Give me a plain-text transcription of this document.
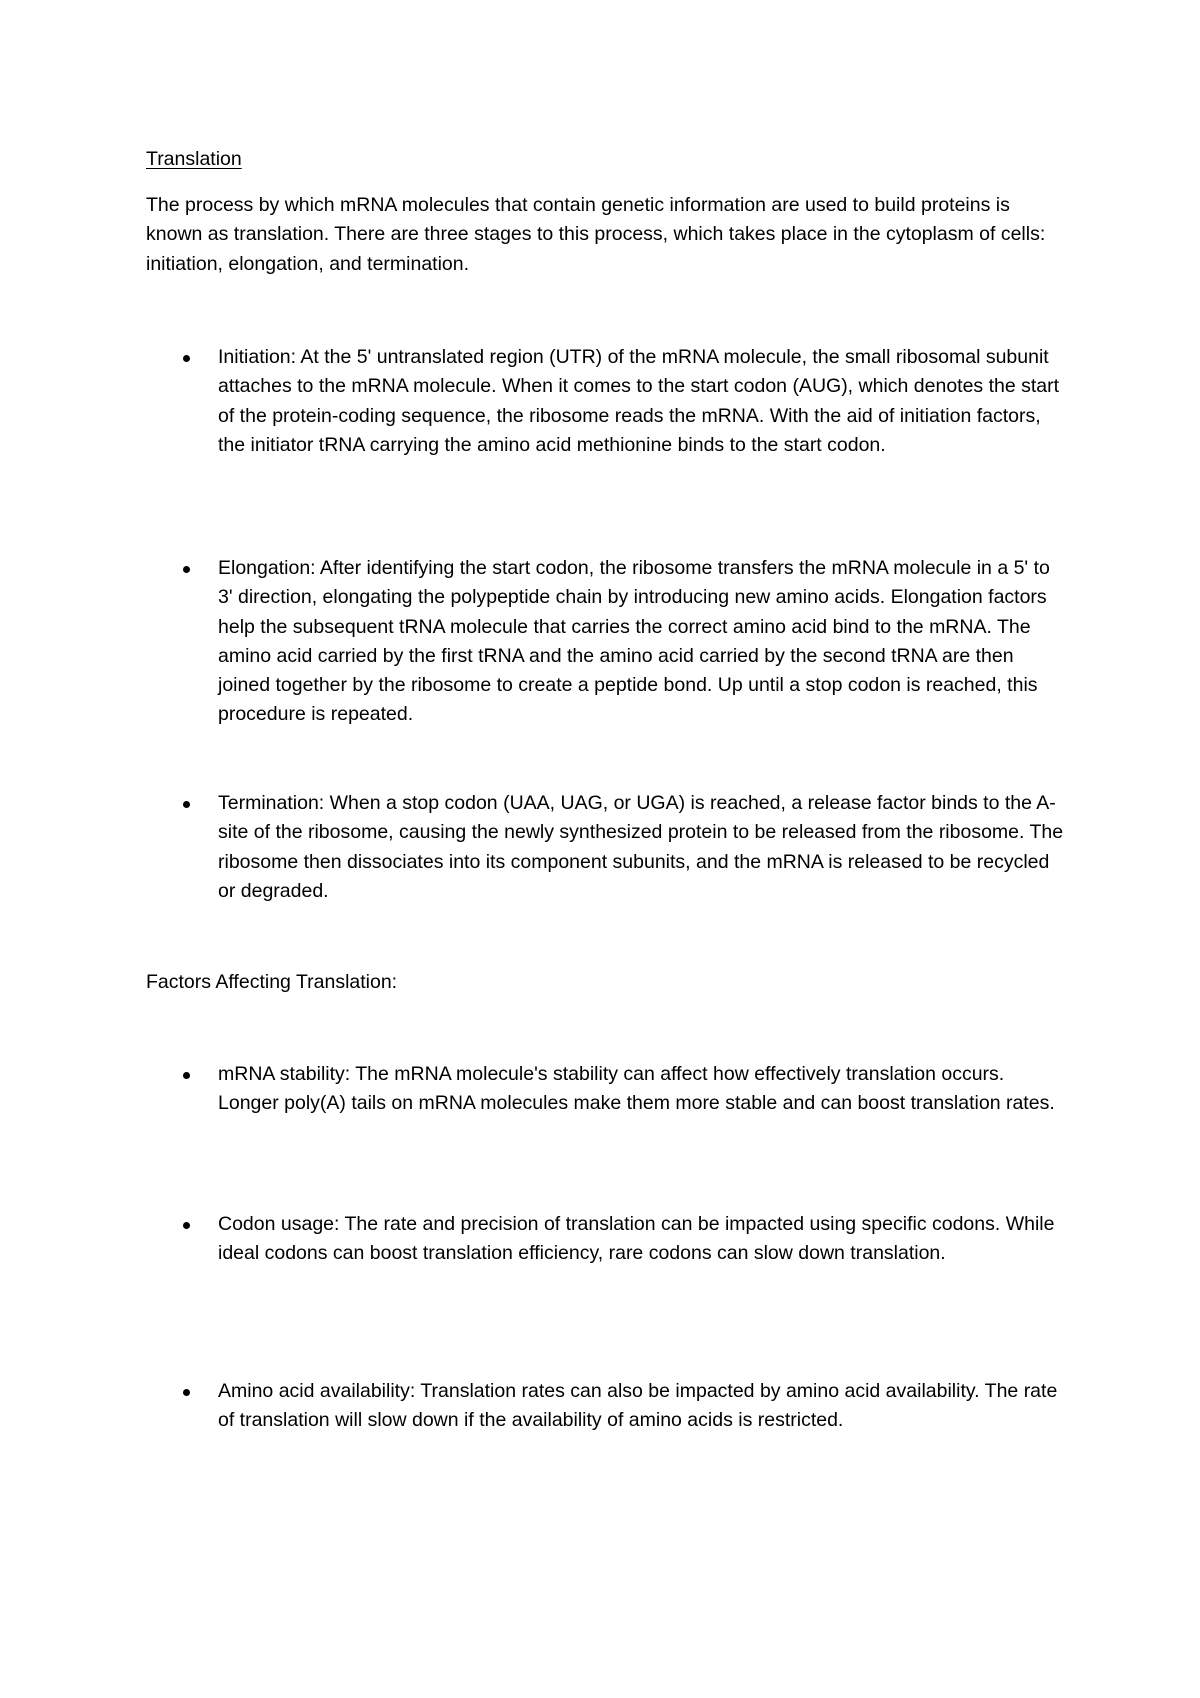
Translation

The process by which mRNA molecules that contain genetic information are used to build proteins is known as translation. There are three stages to this process, which takes place in the cytoplasm of cells: initiation, elongation, and termination.

Initiation: At the 5' untranslated region (UTR) of the mRNA molecule, the small ribosomal subunit attaches to the mRNA molecule. When it comes to the start codon (AUG), which denotes the start of the protein-coding sequence, the ribosome reads the mRNA. With the aid of initiation factors, the initiator tRNA carrying the amino acid methionine binds to the start codon.
Elongation: After identifying the start codon, the ribosome transfers the mRNA molecule in a 5' to 3' direction, elongating the polypeptide chain by introducing new amino acids. Elongation factors help the subsequent tRNA molecule that carries the correct amino acid bind to the mRNA. The amino acid carried by the first tRNA and the amino acid carried by the second tRNA are then joined together by the ribosome to create a peptide bond. Up until a stop codon is reached, this procedure is repeated.
Termination: When a stop codon (UAA, UAG, or UGA) is reached, a release factor binds to the A-site of the ribosome, causing the newly synthesized protein to be released from the ribosome. The ribosome then dissociates into its component subunits, and the mRNA is released to be recycled or degraded.

Factors Affecting Translation:

mRNA stability: The mRNA molecule's stability can affect how effectively translation occurs. Longer poly(A) tails on mRNA molecules make them more stable and can boost translation rates.
Codon usage: The rate and precision of translation can be impacted using specific codons. While ideal codons can boost translation efficiency, rare codons can slow down translation.
Amino acid availability: Translation rates can also be impacted by amino acid availability. The rate of translation will slow down if the availability of amino acids is restricted.
